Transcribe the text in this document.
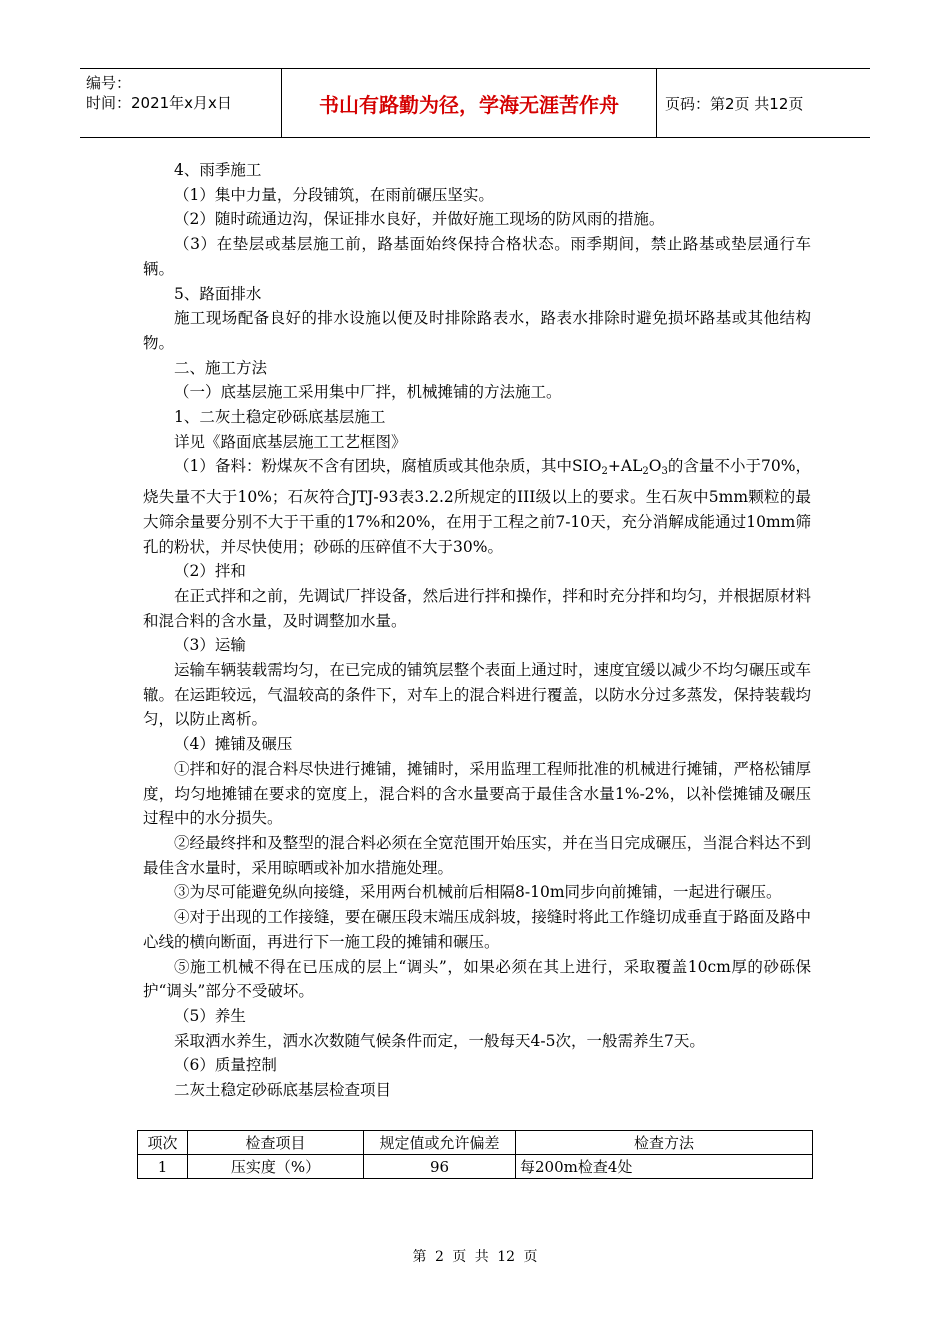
编号：
时间：2021年x月x日	书山有路勤为径，学海无涯苦作舟	页码：第2页 共12页

4、雨季施工

（1）集中力量，分段铺筑，在雨前碾压坚实。

（2）随时疏通边沟，保证排水良好，并做好施工现场的防风雨的措施。

（3）在垫层或基层施工前，路基面始终保持合格状态。雨季期间，禁止路基或垫层通行车辆。

5、路面排水

施工现场配备良好的排水设施以便及时排除路表水，路表水排除时避免损坏路基或其他结构物。

二、施工方法

（一）底基层施工采用集中厂拌，机械摊铺的方法施工。

1、二灰土稳定砂砾底基层施工

详见《路面底基层施工工艺框图》

（1）备料：粉煤灰不含有团块，腐植质或其他杂质，其中$SIO_2+AL_2O_3$的含量不小于70%，烧失量不大于10%；石灰符合JTJ-93表3.2.2所规定的III级以上的要求。生石灰中5mm颗粒的最大筛余量要分别不大于干重的17%和20%，在用于工程之前7-10天，充分消解成能通过10mm筛孔的粉状，并尽快使用；砂砾的压碎值不大于30%。

（2）拌和

在正式拌和之前，先调试厂拌设备，然后进行拌和操作，拌和时充分拌和均匀，并根据原材料和混合料的含水量，及时调整加水量。

（3）运输

运输车辆装载需均匀，在已完成的铺筑层整个表面上通过时，速度宜缓以减少不均匀碾压或车辙。在运距较远，气温较高的条件下，对车上的混合料进行覆盖，以防水分过多蒸发，保持装载均匀，以防止离析。

（4）摊铺及碾压

①拌和好的混合料尽快进行摊铺，摊铺时，采用监理工程师批准的机械进行摊铺，严格松铺厚度，均匀地摊铺在要求的宽度上，混合料的含水量要高于最佳含水量1%-2%，以补偿摊铺及碾压过程中的水分损失。

②经最终拌和及整型的混合料必须在全宽范围开始压实，并在当日完成碾压，当混合料达不到最佳含水量时，采用晾晒或补加水措施处理。

③为尽可能避免纵向接缝，采用两台机械前后相隔8-10m同步向前摊铺，一起进行碾压。

④对于出现的工作接缝，要在碾压段末端压成斜坡，接缝时将此工作缝切成垂直于路面及路中心线的横向断面，再进行下一施工段的摊铺和碾压。

⑤施工机械不得在已压成的层上“调头”，如果必须在其上进行，采取覆盖10cm厚的砂砾保护“调头”部分不受破坏。

（5）养生

采取洒水养生，洒水次数随气候条件而定，一般每天4-5次，一般需养生7天。

（6）质量控制

二灰土稳定砂砾底基层检查项目

项次	检查项目	规定值或允许偏差	检查方法
1	压实度（%）	96	每200m检查4处
第 2 页 共 12 页
